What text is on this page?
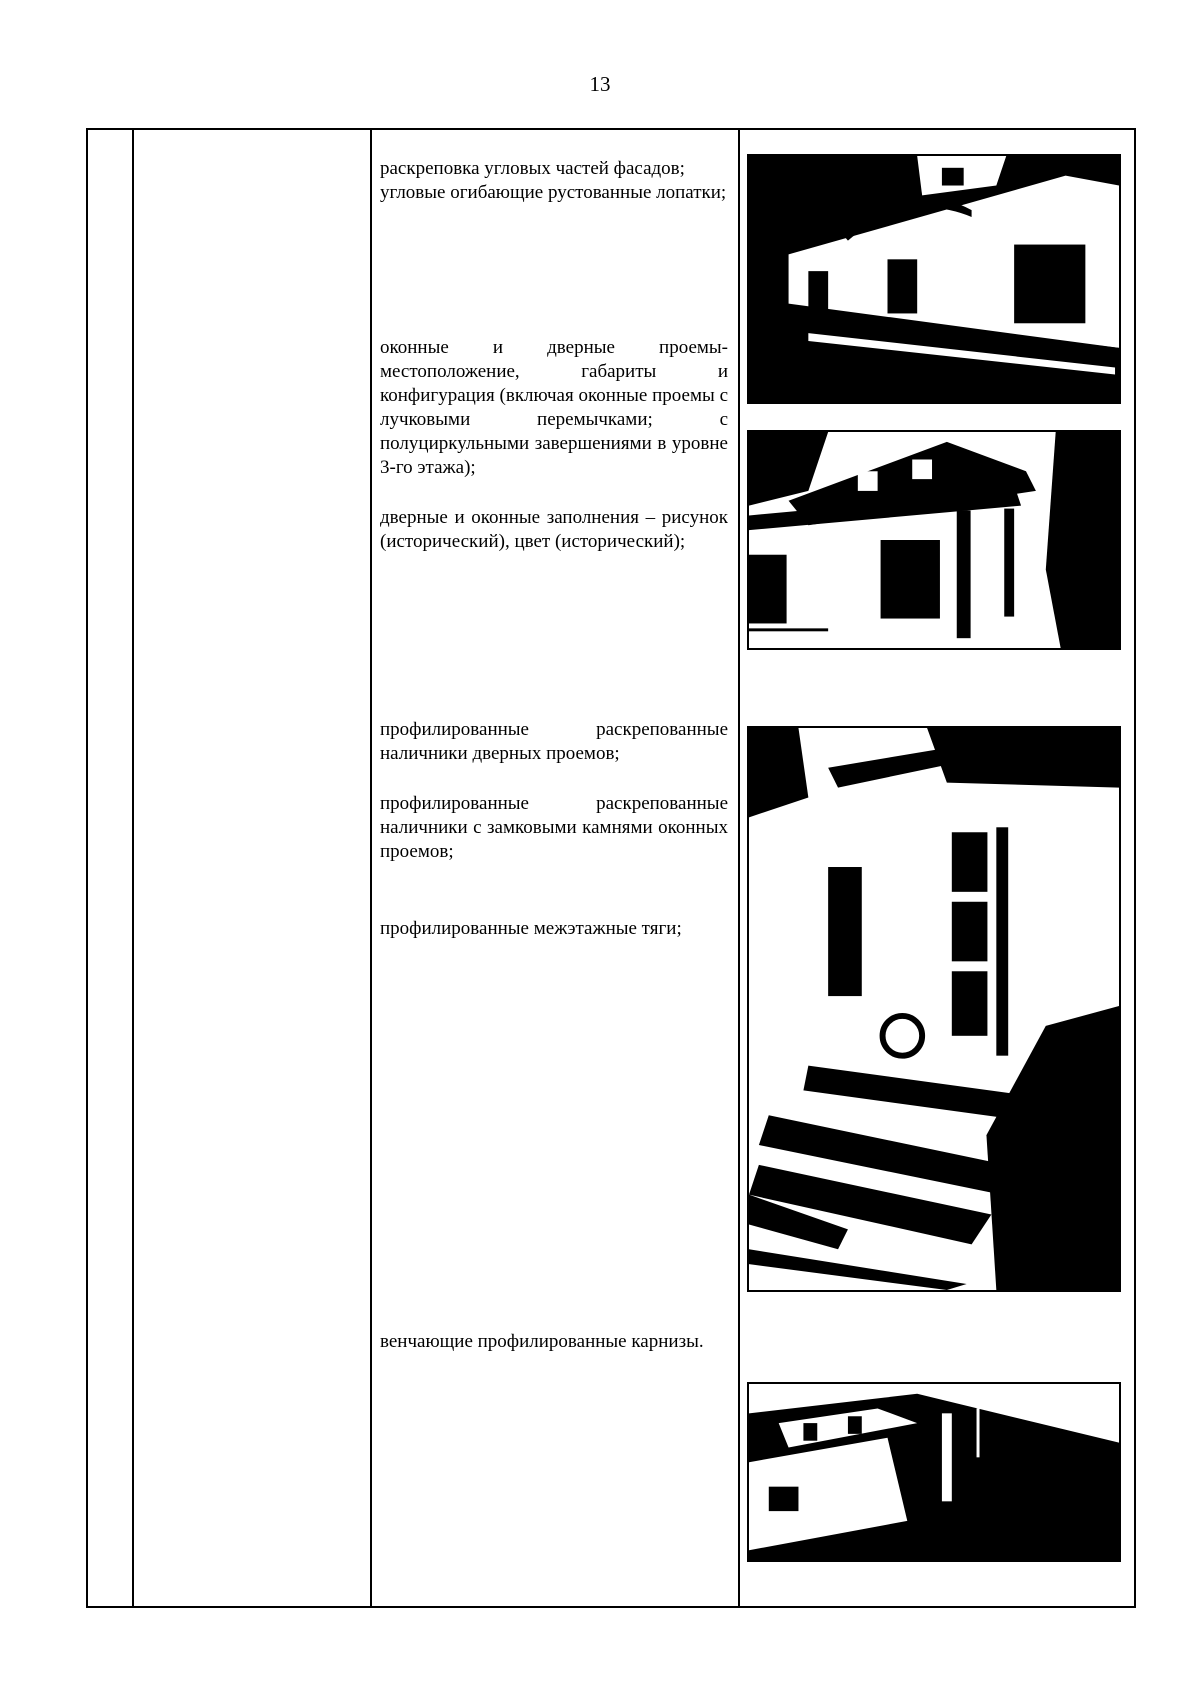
13

раскреповка угловых частей фасадов;

угловые огибающие рустованные лопатки;

оконные и дверные проемы- местоположение, габариты и конфигурация (включая оконные проемы с лучковыми перемычками; с полуциркульными завершениями в уровне 3-го этажа);

дверные и оконные заполнения – рисунок (исторический), цвет (исторический);

профилированные раскрепованные наличники дверных проемов;

профилированные раскрепованные наличники с замковыми камнями оконных проемов;

профилированные межэтажные тяги;

венчающие профилированные карнизы.
